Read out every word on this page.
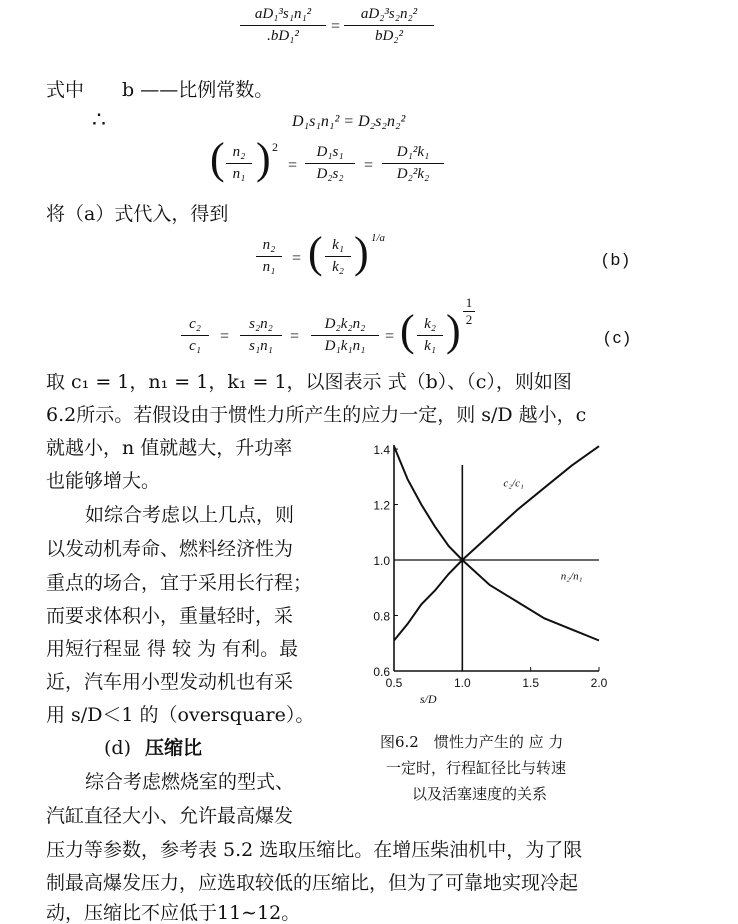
aD₁³s₁n₁²
.bD₁²
=
aD₂³s₂n₂²
bD₂²
式中　　b ——比例常数。
∴	D₁s₁n₁² = D₂s₂n₂²
( n₂
n₁ ) 2
=
D₁s₁
D₂s₂ =
D₁²k₁
D₂²k₂
将（a）式代入，得到
n₂
n₁ = ( k₁
k₂ ) 1/a
(b)
c₂
c₁
=
s₂n₂
s₁n₁
=
D₂k₂n₂
D₁k₁n₁
= ( k₂
k₁ )
1
2
(c)
取 c₁ = 1，n₁ = 1，k₁ = 1，以图表示 式（b）、（c），则如图
6.2所示。若假设由于惯性力所产生的应力一定，则 s/D 越小，c
就越小，n 值就越大，升功率
也能够增大。
　如综合考虑以上几点，则
以发动机寿命、燃料经济性为
重点的场合，宜于采用长行程；
而要求体积小，重量轻时，采
用短行程显 得 较 为 有利。最
近，汽车用小型发动机也有采
用 s/D＜1 的（oversquare）。
(d) 压缩比
　综合考虑燃烧室的型式、
汽缸直径大小、允许最高爆发
压力等参数，参考表 5.2 选取压缩比。在增压柴油机中，为了限
制最高爆发压力，应选取较低的压缩比，但为了可靠地实现冷起
动，压缩比不应低于11∼12。
0.6
0.8
1.0
1.2
1.4
0.5	1.0	1.5	2.0
s/D
c₂/c₁
n₂/n₁
图6.2　惯性力产生的 应 力
一定时，行程缸径比与转速
以及活塞速度的关系
